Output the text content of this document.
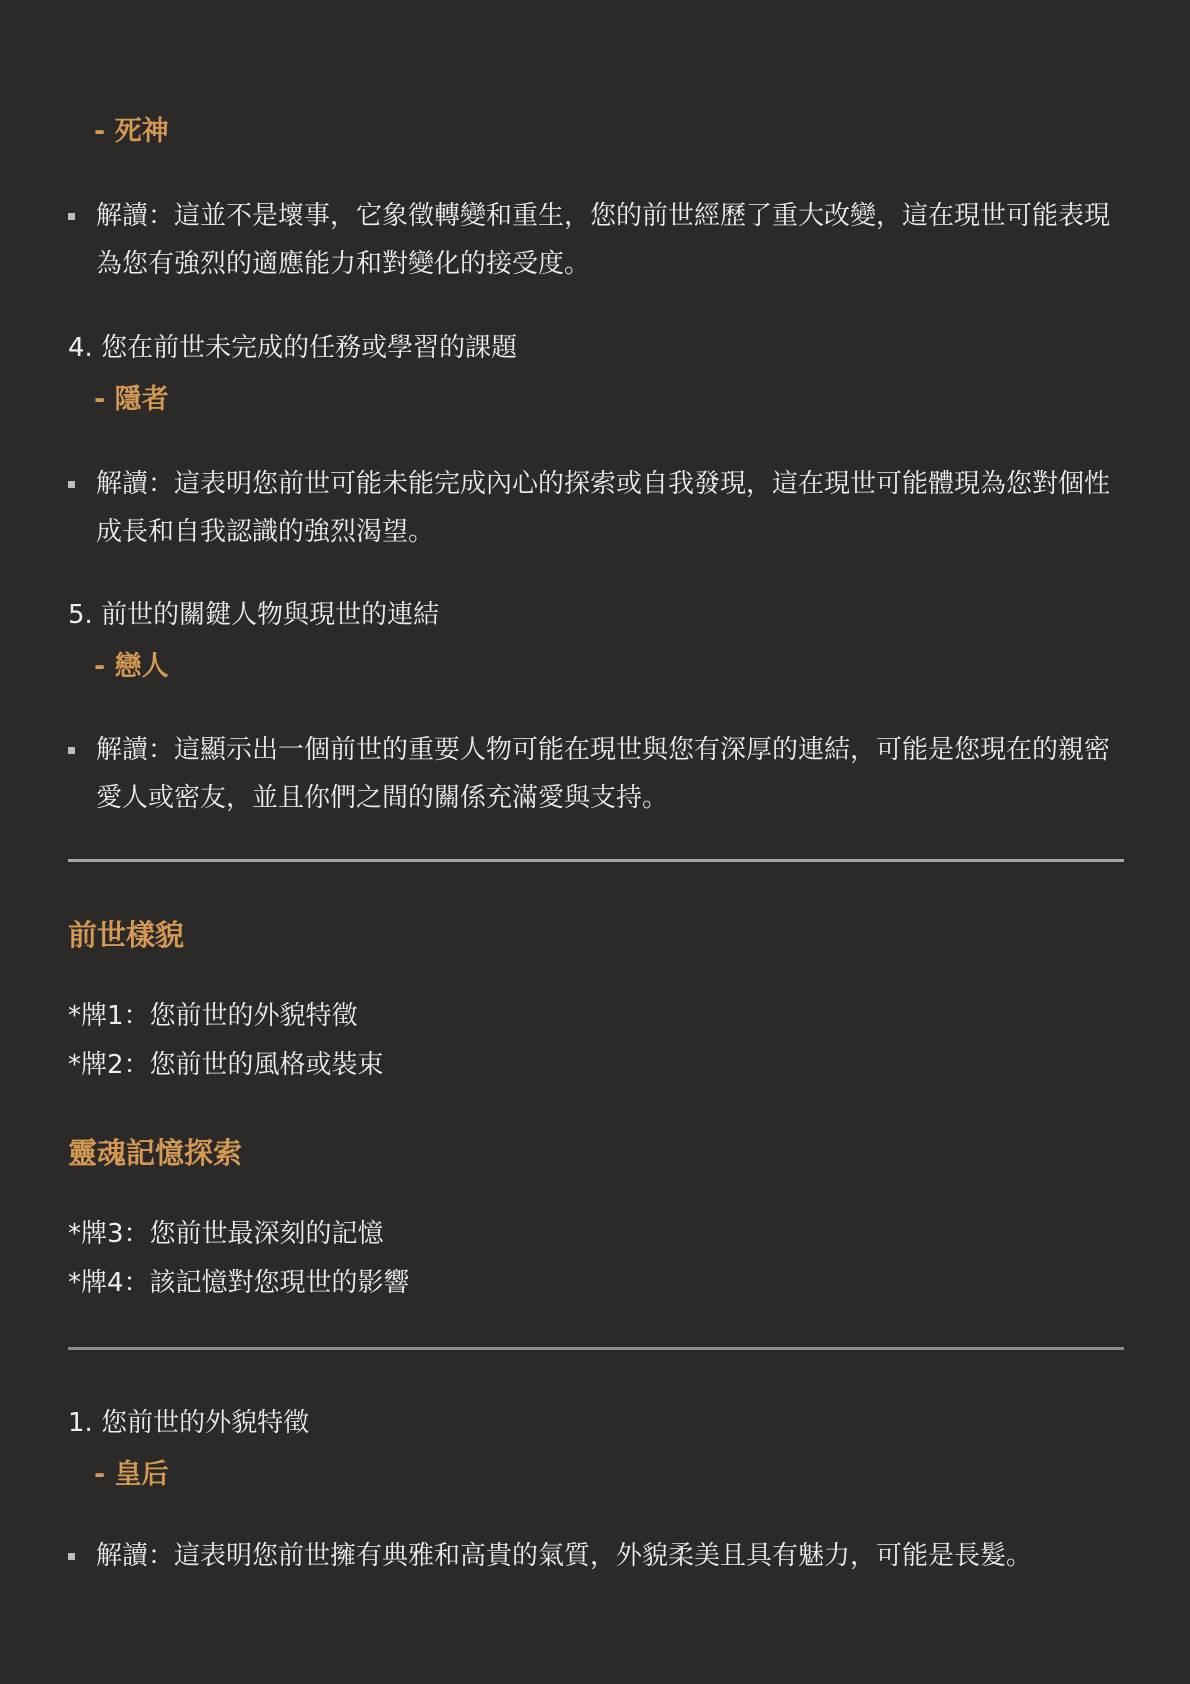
- 死神
解讀：這並不是壞事，它象徵轉變和重生，您的前世經歷了重大改變，這在現世可能表現為您有強烈的適應能力和對變化的接受度。
4. 您在前世未完成的任務或學習的課題
- 隱者
解讀：這表明您前世可能未能完成內心的探索或自我發現，這在現世可能體現為您對個性成長和自我認識的強烈渴望。
5. 前世的關鍵人物與現世的連結
- 戀人
解讀：這顯示出一個前世的重要人物可能在現世與您有深厚的連結，可能是您現在的親密愛人或密友，並且你們之間的關係充滿愛與支持。
前世樣貌
*牌1：您前世的外貌特徵
*牌2：您前世的風格或裝束
靈魂記憶探索
*牌3：您前世最深刻的記憶
*牌4：該記憶對您現世的影響
1. 您前世的外貌特徵
- 皇后
解讀：這表明您前世擁有典雅和高貴的氣質，外貌柔美且具有魅力，可能是長髮。
